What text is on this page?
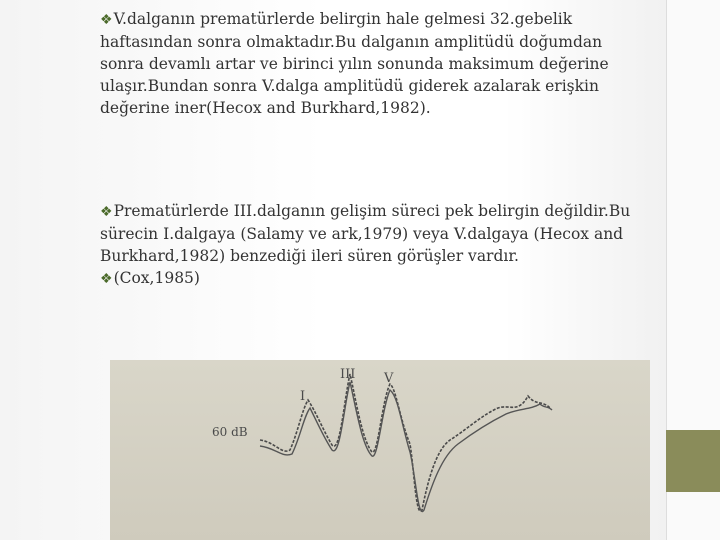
❖V.dalganın prematürlerde belirgin hale gelmesi 32.gebelik haftasından sonra olmaktadır.Bu dalganın amplitüdü doğumdan sonra devamlı artar ve birinci yılın sonunda maksimum değerine ulaşır.Bundan sonra V.dalga amplitüdü giderek azalarak erişkin değerine iner(Hecox and Burkhard,1982).

❖Prematürlerde III.dalganın gelişim süreci pek belirgin değildir.Bu sürecin I.dalgaya (Salamy ve ark,1979) veya V.dalgaya (Hecox and Burkhard,1982) benzediği ileri süren görüşler vardır.
❖(Cox,1985)

I
III V
60 dB
